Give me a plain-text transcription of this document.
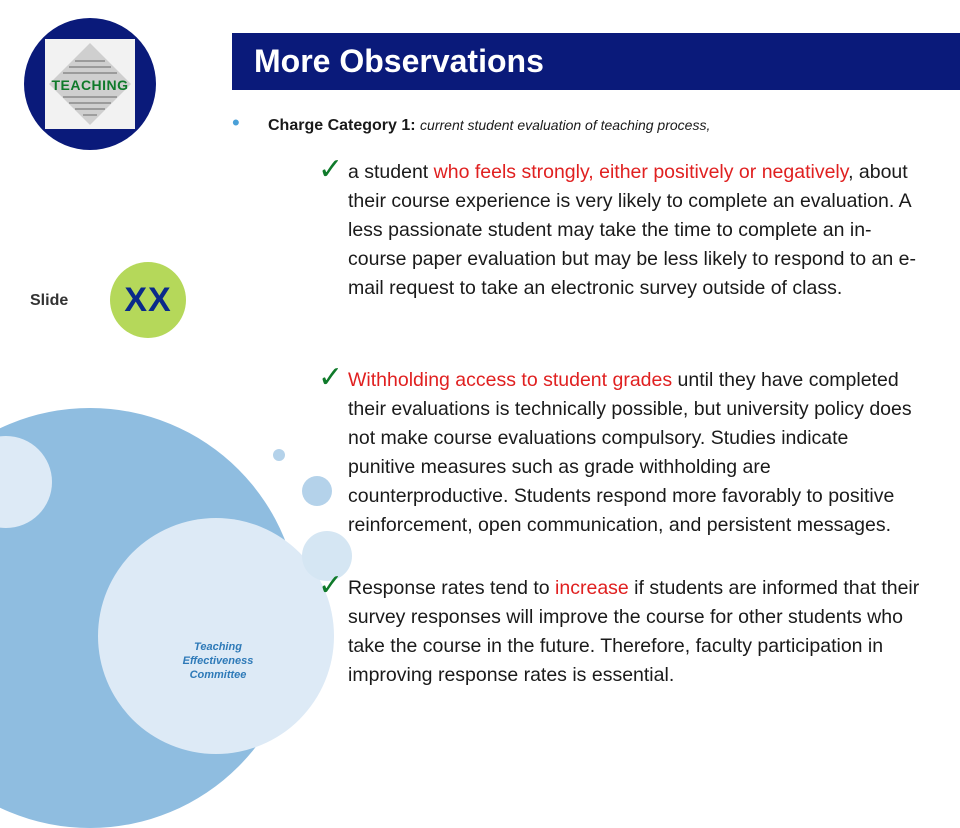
TEACHING
Slide XX
Teaching
Effectiveness
Committee
More Observations
• Charge Category 1: current student evaluation of teaching process,
✓ a student who feels strongly, either positively or negatively, about their course experience is very likely to complete an evaluation. A less passionate student may take the time to complete an in-course paper evaluation but may be less likely to respond to an e-mail request to take an electronic survey outside of class.
✓ Withholding access to student grades until they have completed their evaluations is technically possible, but university policy does not make course evaluations compulsory. Studies indicate punitive measures such as grade withholding are counterproductive. Students respond more favorably to positive reinforcement, open communication, and persistent messages.
✓ Response rates tend to increase if students are informed that their survey responses will improve the course for other students who take the course in the future. Therefore, faculty participation in improving response rates is essential.
